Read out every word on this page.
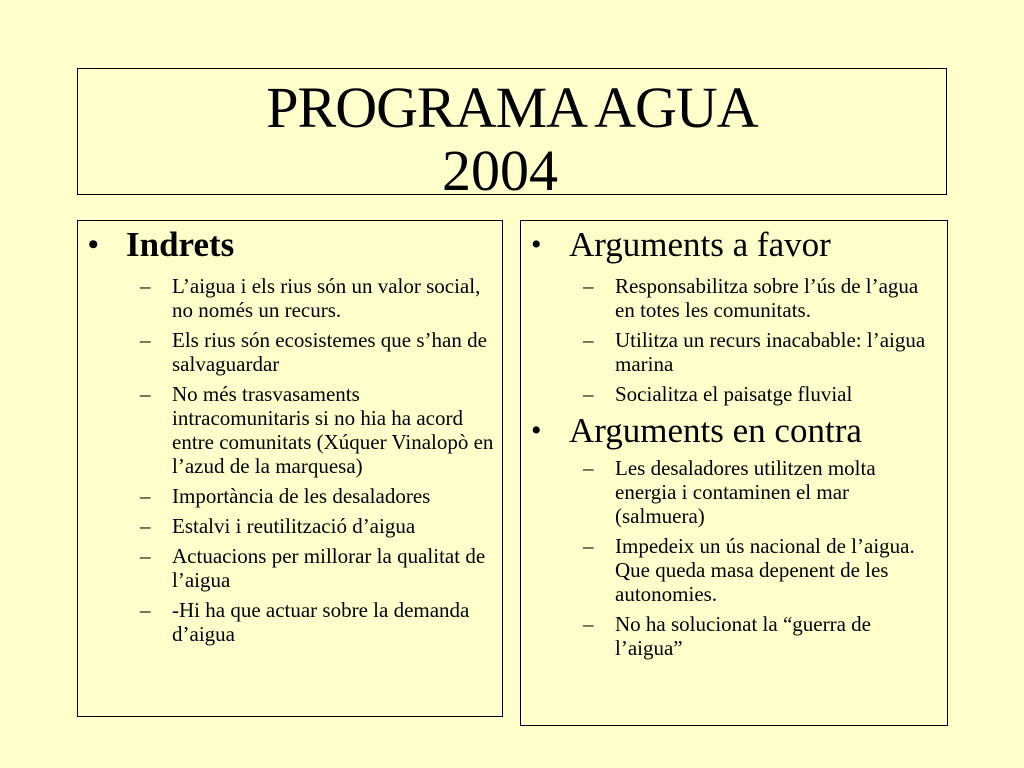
PROGRAMA AGUA
2004
• Indrets
– L’aigua i els rius són un valor social, no només un recurs.
– Els rius són ecosistemes que s’han de salvaguardar
– No més trasvasaments intracomunitaris si no hia ha acord entre comunitats (Xúquer Vinalopò en l’azud de la marquesa)
– Importància de les desaladores
– Estalvi i reutilització d’aigua
– Actuacions per millorar la qualitat de l’aigua
– -Hi ha que actuar sobre la demanda d’aigua
• Arguments a favor
– Responsabilitza sobre l’ús de l’agua en totes les comunitats.
– Utilitza un recurs inacabable: l’aigua marina
– Socialitza el paisatge fluvial
• Arguments en contra
– Les desaladores utilitzen molta energia i contaminen el mar (salmuera)
– Impedeix un ús nacional de l’aigua. Que queda masa depenent de les autonomies.
– No ha solucionat la “guerra de l’aigua”
